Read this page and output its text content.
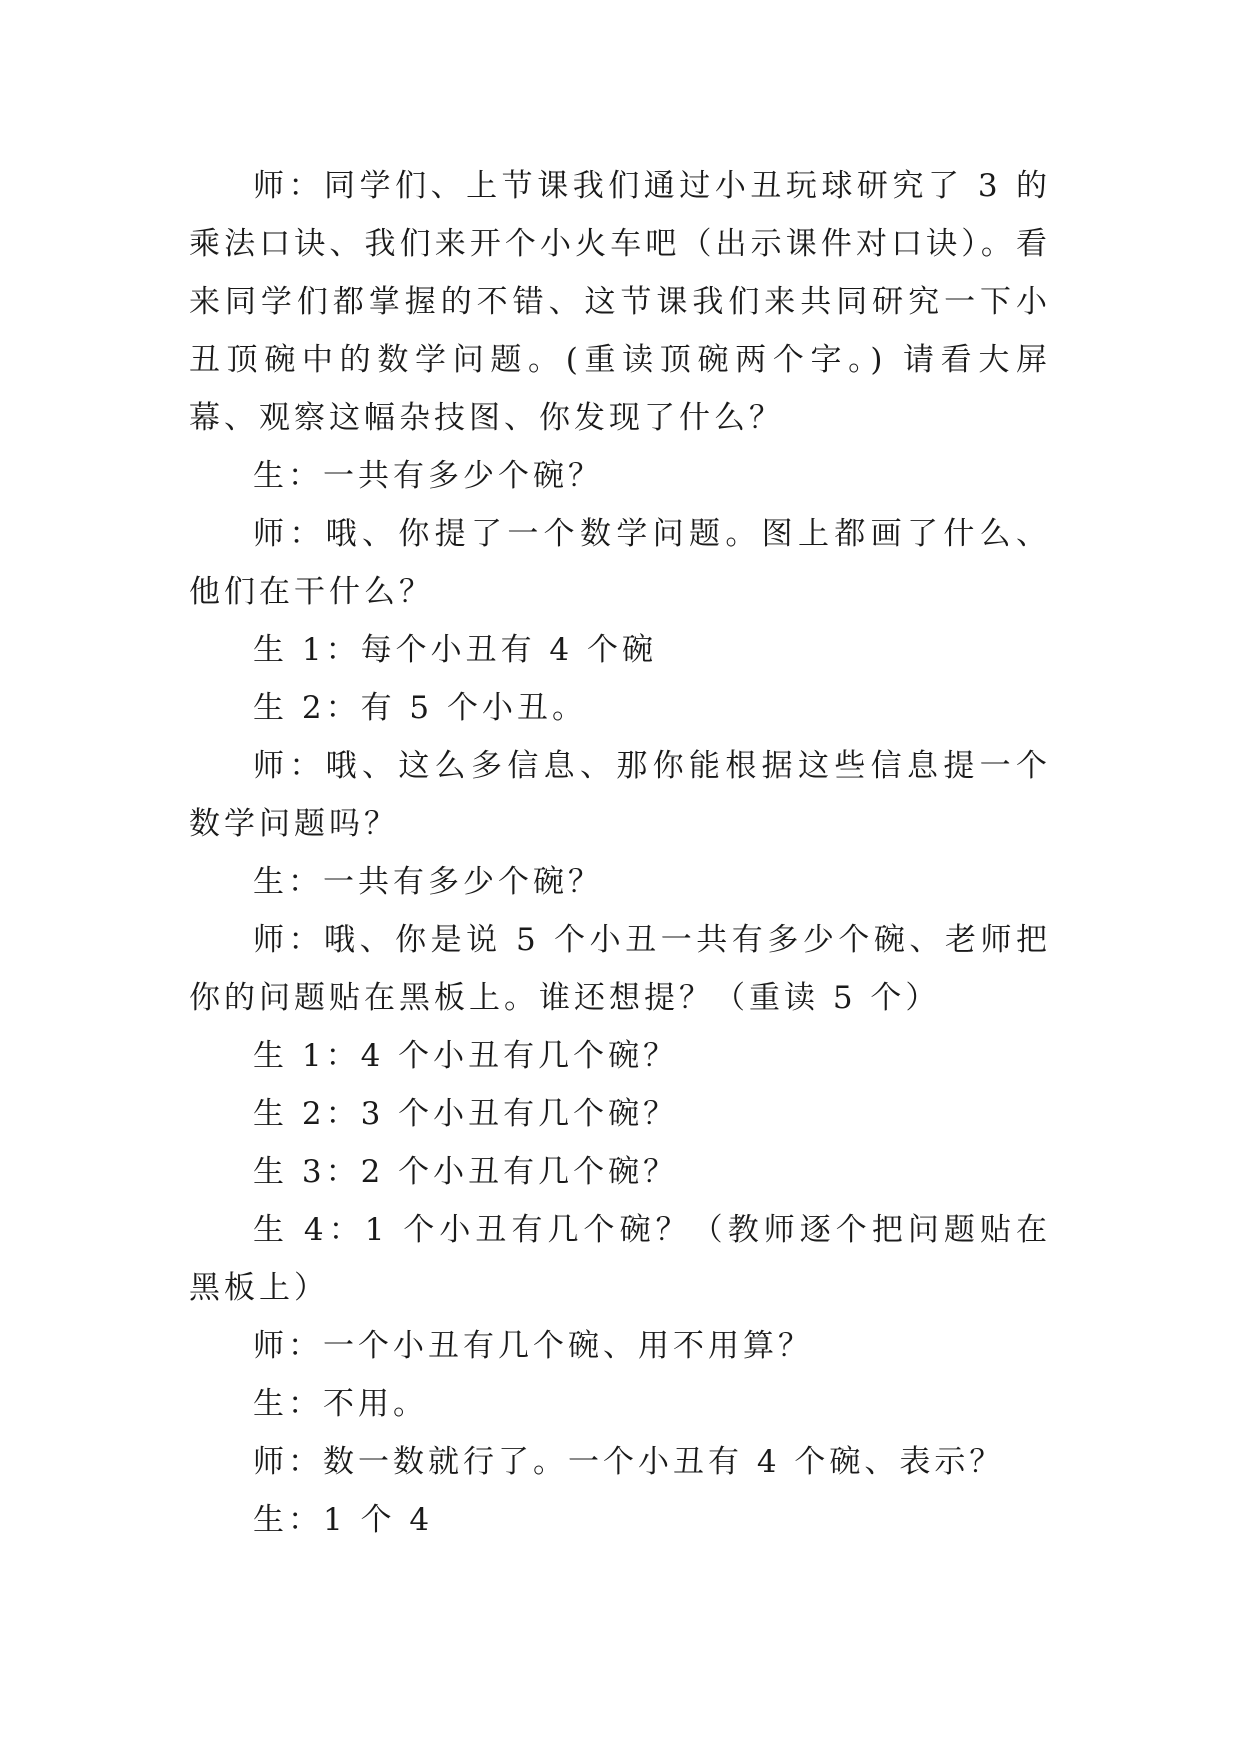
师：同学们、上节课我们通过小丑玩球研究了 3 的乘法口诀、我们来开个小火车吧（出示课件对口诀）。看来同学们都掌握的不错、这节课我们来共同研究一下小丑顶碗中的数学问题。(重读顶碗两个字。) 请看大屏幕、观察这幅杂技图、你发现了什么？

生：一共有多少个碗？

师：哦、你提了一个数学问题。图上都画了什么、他们在干什么？

生 1：每个小丑有 4 个碗

生 2：有 5 个小丑。

师：哦、这么多信息、那你能根据这些信息提一个数学问题吗？

生：一共有多少个碗？

师：哦、你是说 5 个小丑一共有多少个碗、老师把你的问题贴在黑板上。谁还想提？（重读 5 个）

生 1：4 个小丑有几个碗？

生 2：3 个小丑有几个碗？

生 3：2 个小丑有几个碗？

生 4：1 个小丑有几个碗？（教师逐个把问题贴在黑板上）

师：一个小丑有几个碗、用不用算？

生：不用。

师：数一数就行了。一个小丑有 4 个碗、表示？

生：1 个 4
